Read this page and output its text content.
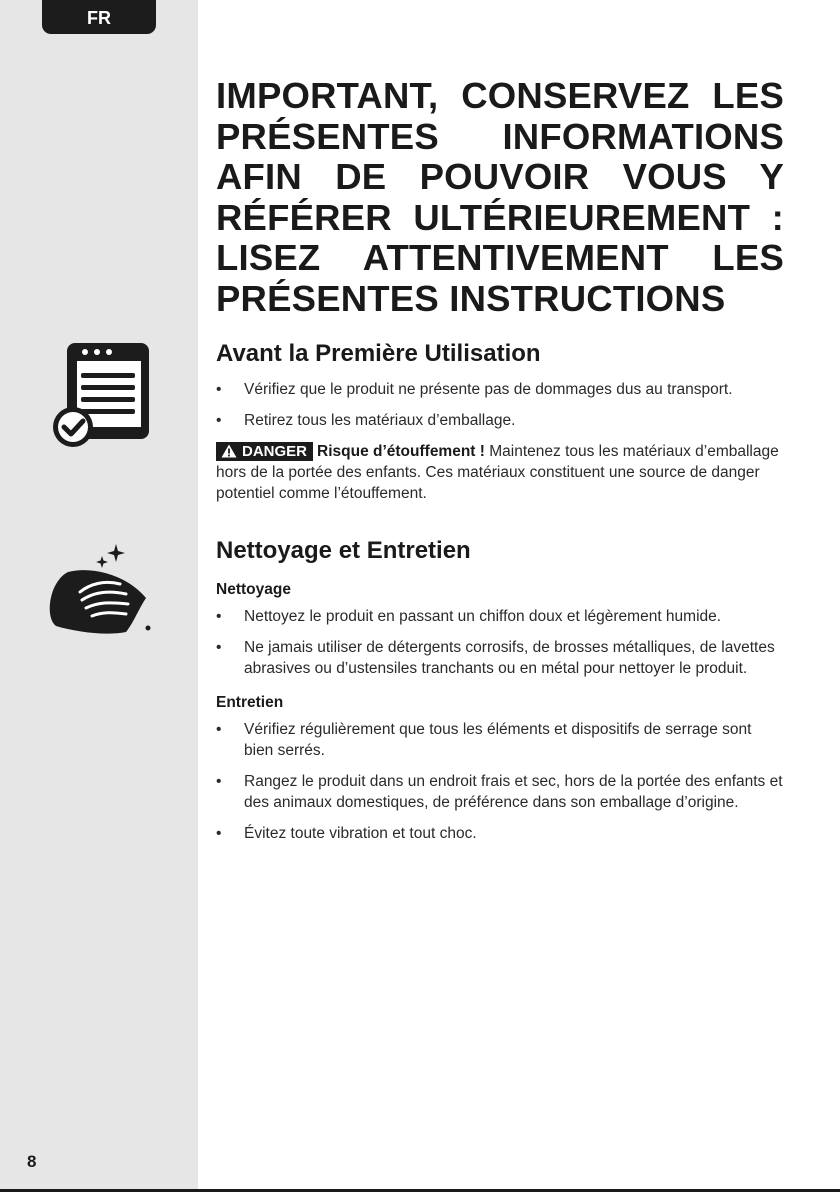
FR
IMPORTANT, CONSERVEZ LES
PRÉSENTES INFORMATIONS
AFIN DE POUVOIR VOUS Y
RÉFÉRER ULTÉRIEUREMENT :
LISEZ ATTENTIVEMENT LES
PRÉSENTES INSTRUCTIONS
Avant la Première Utilisation
• Vérifiez que le produit ne présente pas de dommages dus au transport.
• Retirez tous les matériaux d’emballage.

DANGER Risque d’étouffement ! Maintenez tous les matériaux d’emballage hors de la portée des enfants. Ces matériaux constituent une source de danger potentiel comme l’étouffement.

Nettoyage et Entretien
Nettoyage
• Nettoyez le produit en passant un chiffon doux et légèrement humide.
• Ne jamais utiliser de détergents corrosifs, de brosses métalliques, de lavettes abrasives ou d’ustensiles tranchants ou en métal pour nettoyer le produit.
Entretien
• Vérifiez régulièrement que tous les éléments et dispositifs de serrage sont bien serrés.
• Rangez le produit dans un endroit frais et sec, hors de la portée des enfants et des animaux domestiques, de préférence dans son emballage d’origine.
• Évitez toute vibration et tout choc.
8
